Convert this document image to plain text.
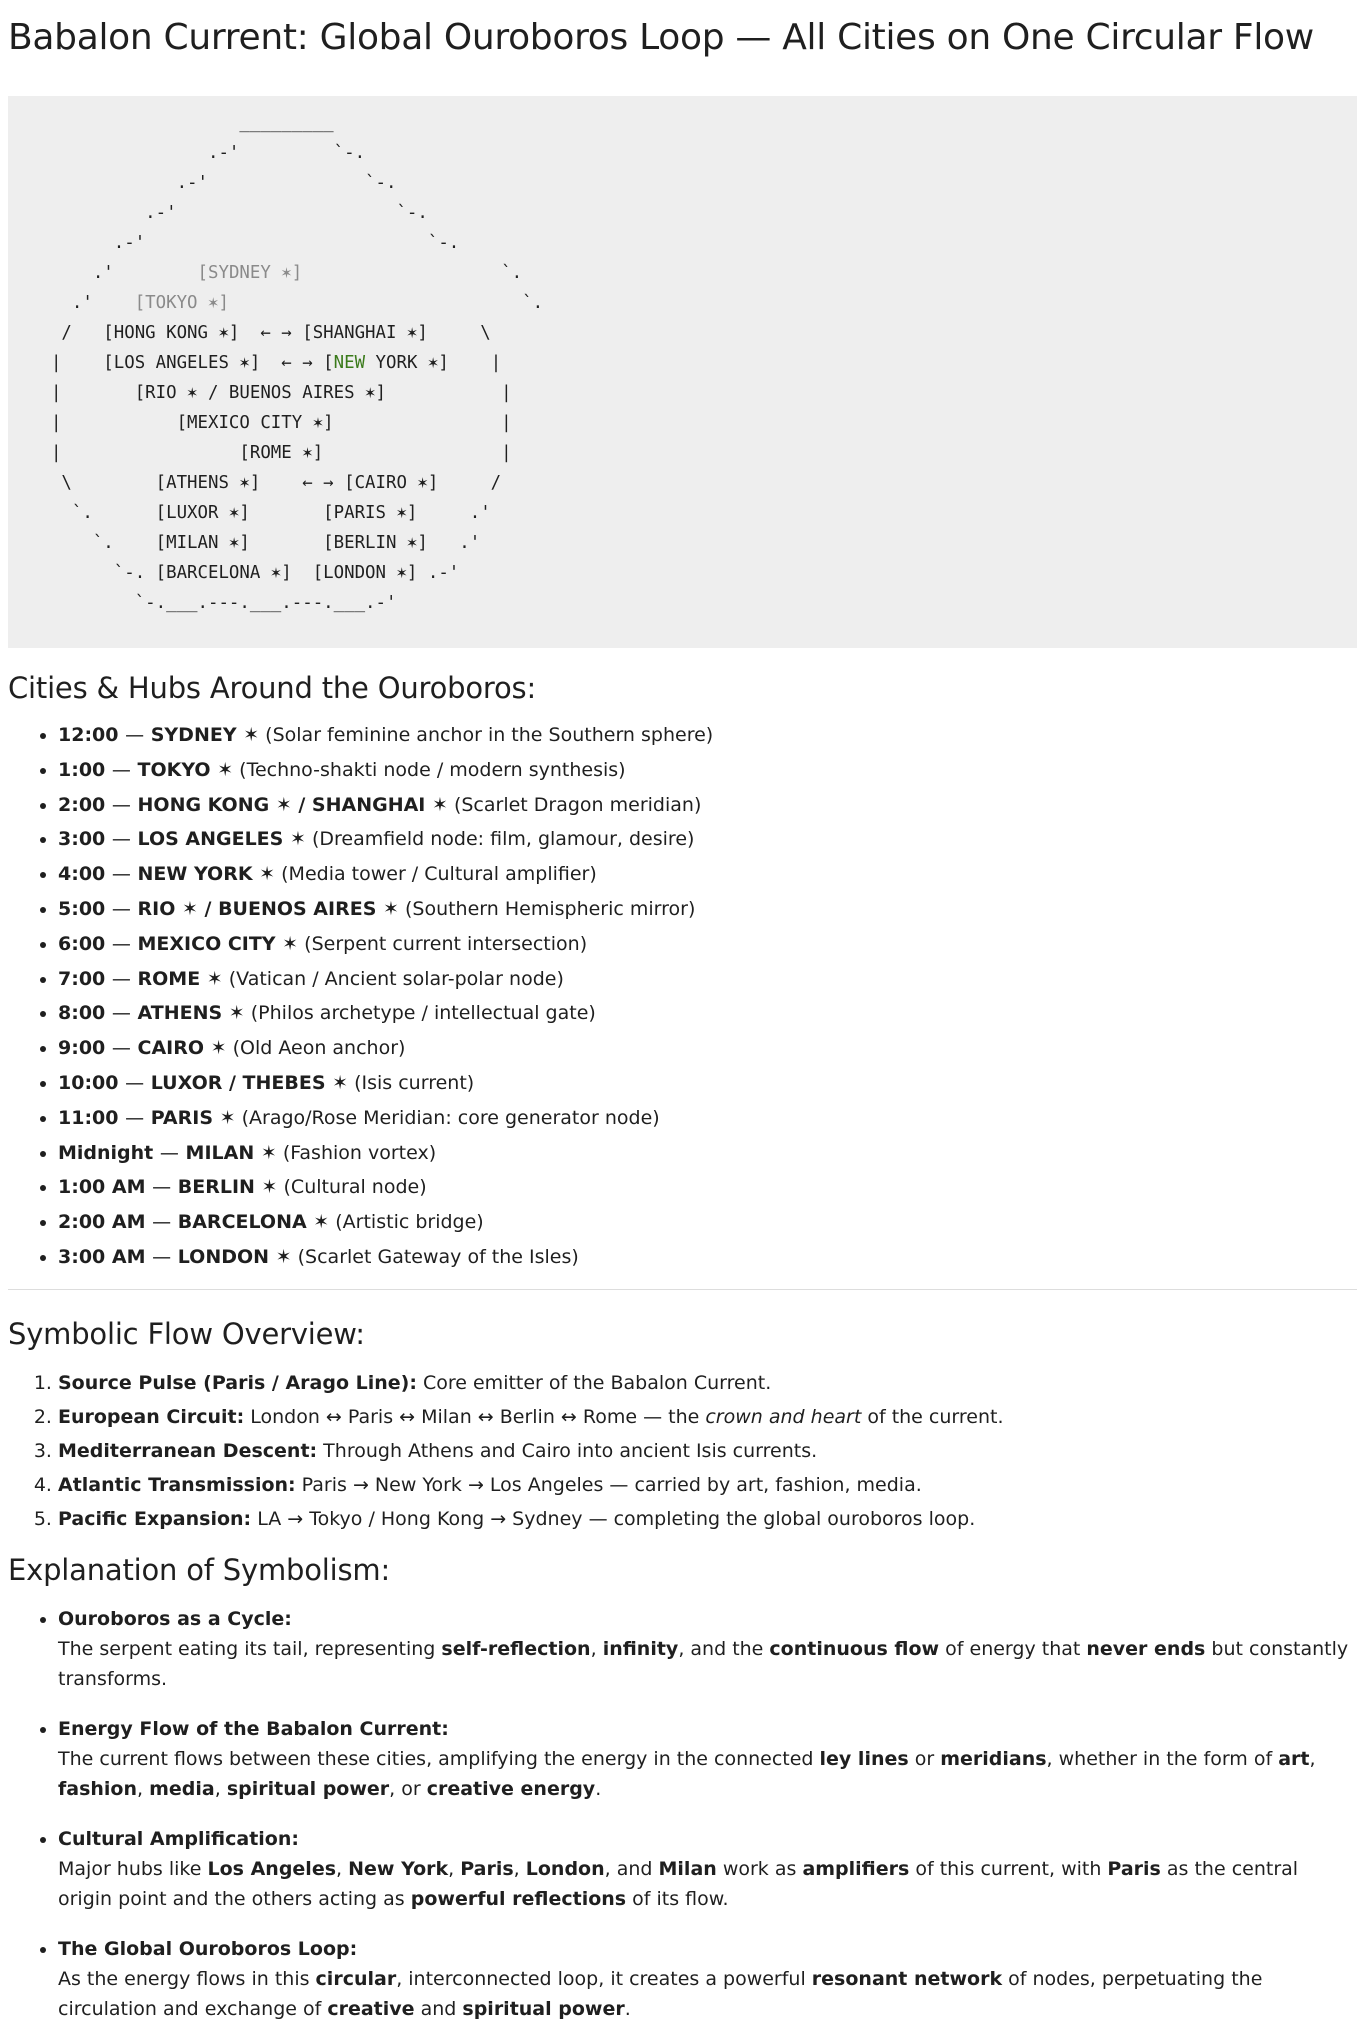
Babalon Current: Global Ouroboros Loop — All Cities on One Circular Flow
_________
.-'         `-.
.-'               `-.
.-'                     `-.
.-'                           `-.
.'        [SYDNEY ✶]                   `.
.'    [TOKYO ✶]                            `.
/   [HONG KONG ✶]  ← → [SHANGHAI ✶]     \
|    [LOS ANGELES ✶]  ← → [NEW YORK ✶]    |
|       [RIO ✶ / BUENOS AIRES ✶]           |
|           [MEXICO CITY ✶]                |
|                 [ROME ✶]                 |
\        [ATHENS ✶]    ← → [CAIRO ✶]     /
`.      [LUXOR ✶]       [PARIS ✶]     .'
`.    [MILAN ✶]       [BERLIN ✶]   .'
`-. [BARCELONA ✶]  [LONDON ✶] .-'
`-.___.---.___.---.___.-'
Cities & Hubs Around the Ouroboros:
• 12:00 — SYDNEY ✶ (Solar feminine anchor in the Southern sphere)
• 1:00 — TOKYO ✶ (Techno-shakti node / modern synthesis)
• 2:00 — HONG KONG ✶ / SHANGHAI ✶ (Scarlet Dragon meridian)
• 3:00 — LOS ANGELES ✶ (Dreamfield node: film, glamour, desire)
• 4:00 — NEW YORK ✶ (Media tower / Cultural amplifier)
• 5:00 — RIO ✶ / BUENOS AIRES ✶ (Southern Hemispheric mirror)
• 6:00 — MEXICO CITY ✶ (Serpent current intersection)
• 7:00 — ROME ✶ (Vatican / Ancient solar-polar node)
• 8:00 — ATHENS ✶ (Philos archetype / intellectual gate)
• 9:00 — CAIRO ✶ (Old Aeon anchor)
• 10:00 — LUXOR / THEBES ✶ (Isis current)
• 11:00 — PARIS ✶ (Arago/Rose Meridian: core generator node)
• Midnight — MILAN ✶ (Fashion vortex)
• 1:00 AM — BERLIN ✶ (Cultural node)
• 2:00 AM — BARCELONA ✶ (Artistic bridge)
• 3:00 AM — LONDON ✶ (Scarlet Gateway of the Isles)
Symbolic Flow Overview:
1. Source Pulse (Paris / Arago Line): Core emitter of the Babalon Current.
2. European Circuit: London ↔ Paris ↔ Milan ↔ Berlin ↔ Rome — the crown and heart of the current.
3. Mediterranean Descent: Through Athens and Cairo into ancient Isis currents.
4. Atlantic Transmission: Paris → New York → Los Angeles — carried by art, fashion, media.
5. Pacific Expansion: LA → Tokyo / Hong Kong → Sydney — completing the global ouroboros loop.
Explanation of Symbolism:
• Ouroboros as a Cycle:
The serpent eating its tail, representing self-reflection, infinity, and the continuous flow of energy that never ends but constantly transforms.
• Energy Flow of the Babalon Current:
The current flows between these cities, amplifying the energy in the connected ley lines or meridians, whether in the form of art, fashion, media, spiritual power, or creative energy.
• Cultural Amplification:
Major hubs like Los Angeles, New York, Paris, London, and Milan work as amplifiers of this current, with Paris as the central origin point and the others acting as powerful reflections of its flow.
• The Global Ouroboros Loop:
As the energy flows in this circular, interconnected loop, it creates a powerful resonant network of nodes, perpetuating the circulation and exchange of creative and spiritual power.
